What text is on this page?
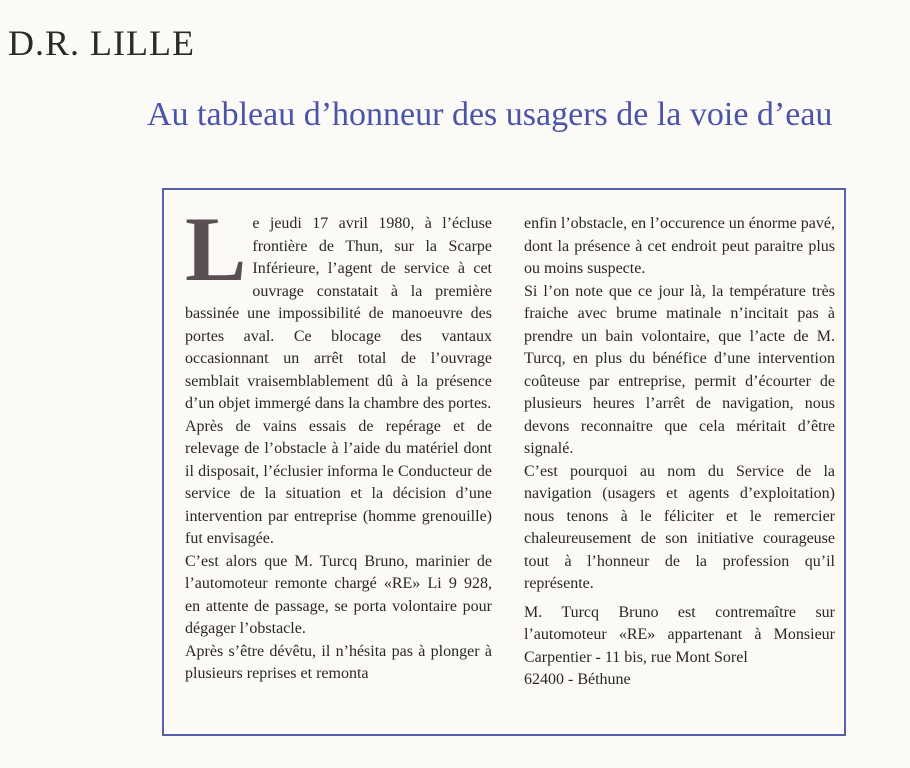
D.R. LILLE
Au tableau d’honneur des usagers de la voie d’eau
L e jeudi 17 avril 1980, à l’écluse frontière de Thun, sur la Scarpe Inférieure, l’agent de service à cet ouvrage constatait à la première bassinée une impossibilité de manoeuvre des portes aval. Ce blocage des vantaux occasionnant un arrêt total de l’ouvrage semblait vraisemblablement dû à la présence d’un objet immergé dans la chambre des portes.

Après de vains essais de repérage et de relevage de l’obstacle à l’aide du matériel dont il disposait, l’éclusier informa le Conducteur de service de la situation et la décision d’une intervention par entreprise (homme grenouille) fut envisagée.

C’est alors que M. Turcq Bruno, marinier de l’automoteur remonte chargé «RE» Li 9 928, en attente de passage, se porta volontaire pour dégager l’obstacle.

Après s’être dévêtu, il n’hésita pas à plonger à plusieurs reprises et remonta

enfin l’obstacle, en l’occurence un énorme pavé, dont la présence à cet endroit peut paraitre plus ou moins suspecte.

Si l’on note que ce jour là, la température très fraiche avec brume matinale n’incitait pas à prendre un bain volontaire, que l’acte de M. Turcq, en plus du bénéfice d’une intervention coûteuse par entreprise, permit d’écourter de plusieurs heures l’arrêt de navigation, nous devons reconnaitre que cela méritait d’être signalé.

C’est pourquoi au nom du Service de la navigation (usagers et agents d’exploitation) nous tenons à le féliciter et le remercier chaleureusement de son initiative courageuse tout à l’honneur de la profession qu’il représente.

M. Turcq Bruno est contremaître sur l’automoteur «RE» appartenant à Monsieur Carpentier - 11 bis, rue Mont Sorel

62400 - Béthune
